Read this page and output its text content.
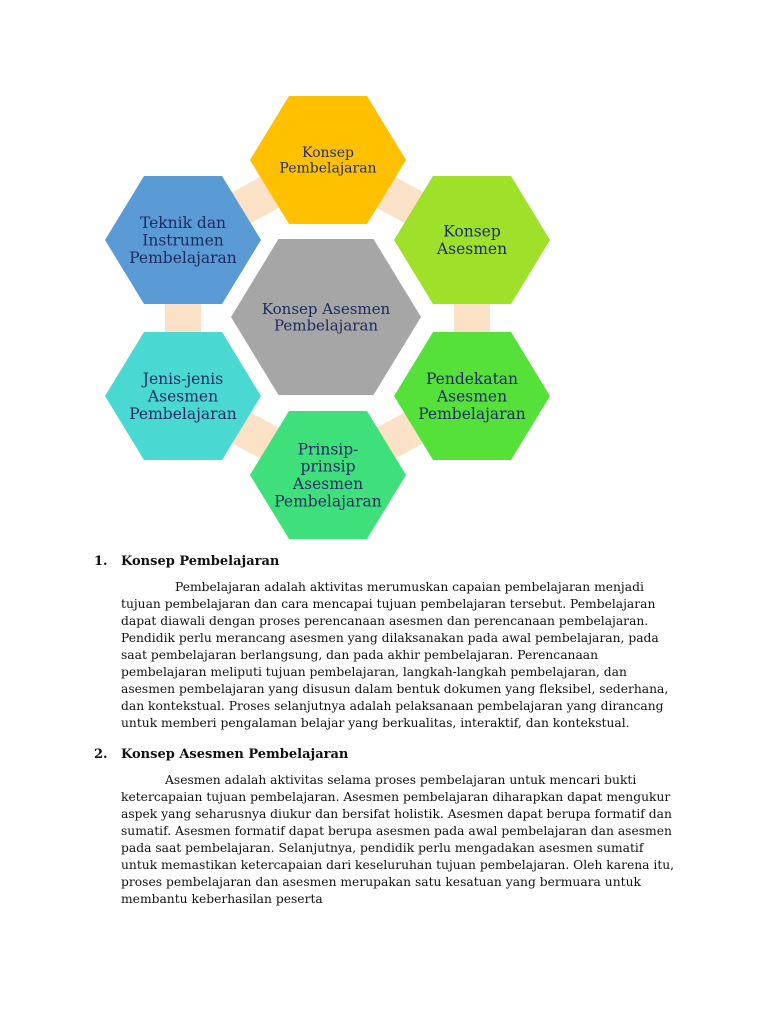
Konsep
Pembelajaran
Konsep
Asesmen
Pendekatan
Asesmen
Pembelajaran
Prinsip-
prinsip
Asesmen
Pembelajaran
Jenis-jenis
Asesmen
Pembelajaran
Teknik dan
Instrumen
Pembelajaran
Konsep Asesmen
Pembelajaran
1. Konsep Pembelajaran

Pembelajaran adalah aktivitas merumuskan capaian pembelajaran menjadi tujuan pembelajaran dan cara mencapai tujuan pembelajaran tersebut. Pembelajaran dapat diawali dengan proses perencanaan asesmen dan perencanaan pembelajaran. Pendidik perlu merancang asesmen yang dilaksanakan pada awal pembelajaran, pada saat pembelajaran berlangsung, dan pada akhir pembelajaran. Perencanaan pembelajaran meliputi tujuan pembelajaran, langkah-langkah pembelajaran, dan asesmen pembelajaran yang disusun dalam bentuk dokumen yang fleksibel, sederhana, dan kontekstual. Proses selanjutnya adalah pelaksanaan pembelajaran yang dirancang untuk memberi pengalaman belajar yang berkualitas, interaktif, dan kontekstual.

2. Konsep Asesmen Pembelajaran

Asesmen adalah aktivitas selama proses pembelajaran untuk mencari bukti ketercapaian tujuan pembelajaran. Asesmen pembelajaran diharapkan dapat mengukur aspek yang seharusnya diukur dan bersifat holistik. Asesmen dapat berupa formatif dan sumatif. Asesmen formatif dapat berupa asesmen pada awal pembelajaran dan asesmen pada saat pembelajaran. Selanjutnya, pendidik perlu mengadakan asesmen sumatif untuk memastikan ketercapaian dari keseluruhan tujuan pembelajaran. Oleh karena itu, proses pembelajaran dan asesmen merupakan satu kesatuan yang bermuara untuk membantu keberhasilan peserta
